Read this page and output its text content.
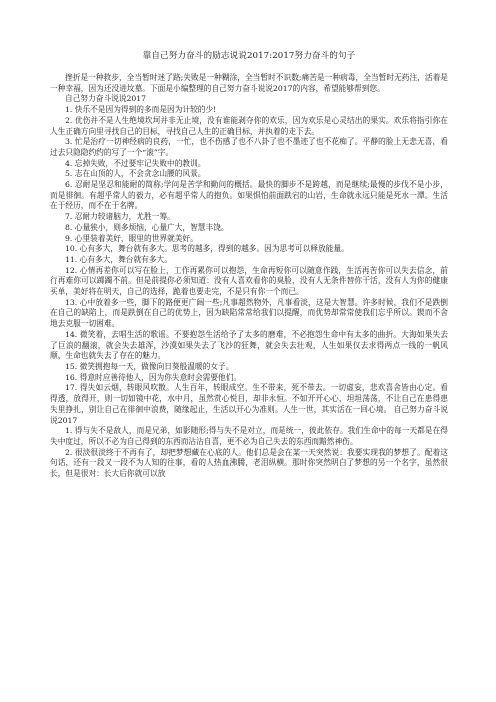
靠自己努力奋斗的励志说说2017:2017努力奋斗的句子

挫折是一种救步，全当暂时迷了路;失败是一种糊涂，全当暂时不识数;痛苦是一种病毒，全当暂时无药注，活着是一种幸福，因为还没进坟墓。下面是小编整理的自己努力奋斗说说2017的内容，希望能够帮到您。

自己努力奋斗说说2017

1. 快乐不是因为得到的多而是因为计较的少!

2. 优伤并不是人生绝境坎坷并非无止境，没有谁能剥夺你的欢乐，因为欢乐是心灵结出的果实。欢乐将指引你在人生正确方向里寻找自己的目标，寻找自己人生的正确目标，并执着的走下去。

3. 忙是治疗一切神经病的良药，一忙，也不伤感了也不八卦了也不墨迹了也不花痴了。平静的脸上无悲无喜，看过去只隐隐约约的写了一个“滚”字。

4. 忘掉失败，不过要牢记失败中的教训。

5. 志在山顶的人，不会贪念山腰的风景。

6. 忍耐是坚忍和能耐的简称;学问是苦学和勤问的概括。最快的脚步不是跨越，而是继续;最慢的步伐不是小步，而是徘徊。有超乎常人的毅力，必有超乎常人的抱负。如果惧怕前面跌宕的山岩，生命就永远只能是死水一潭。生活在于经历，而不在于名牌。

7. 忍耐力较诸脑力，尤胜一筹。

8. 心量狭小，则多烦恼，心量广大，智慧丰饶。

9. 心里装着美好，眼里的世界就美好。

10. 心有多大，舞台就有多大。思考的越多，得到的越多。因为思考可以释放能量。

11. 心有多大，舞台就有多大。

12. 心情再差你可以写在脸上，工作再累你可以抱怨，生命再短你可以随意作践，生活再苦你可以失去信念，前行再难你可以踯躅不前。但是前提你必须知道：没有人喜欢看你的臭脸，没有人无条件替你干活，没有人为你的健康买单，美好将在明天，自己的选择，跪着也要走完，不是只有你一个而已。

13. 心中放着多一些，脚下的路便更广阔一些;凡事超然物外，凡事看淡，这是大智慧。许多时候，我们不是跌倒在自己的缺陷上，而是跌倒在自己的优势上，因为缺陷常常给我们以提醒，而优势却常常使我们忘乎所以。锲而不舍地去克服一切困难。

14. 微笑着，去唱生活的歌谣。不要抱怨生活给予了太多的磨难，不必抱怨生命中有太多的曲折。大海如果失去了巨浪的翻滚，就会失去雄浑，沙漠如果失去了飞沙的狂舞，就会失去壮观，人生如果仅去求得两点一线的一帆风顺，生命也就失去了存在的魅力。

15. 微笑拥抱每一天，做像向日葵般温暖的女子。

16. 得意时应善待他人，因为你失意时会需要他们。

17. 得失如云烟，转眼风吹散。人生百年，转眼成空。生不带来，死不带去。一切虚妄，悲欢喜舍皆由心定。看得透，放得开，则一切如镜中花，水中月，虽然赏心悦目，却非永恒。不如开开心心，坦坦荡荡，不让自己在患得患失里挣扎，别让自己在徘徊中浪费，随缘起止，生活以开心为准则。人生一世，其实活在一回心境。 自己努力奋斗说说2017

1. 得与失不是敌人，而是兄弟，如影随形;得与失不是对立，而是统一，彼此依存。我们生命中的每一天都是在得失中度过，所以不必为自己得到的东西而沾沾自喜，更不必为自己失去的东西而黯然神伤。

2. 很淡很淡终于不再有了，却把梦想藏在心底的人。他们总是会在某一天突然说：我要实现我的梦想了。配着这句话，还有一段又一段不为人知的往事，看的人热血沸腾，老泪纵横。那时你突然明白了梦想的另一个名字，虽然很长，但是很对：长大后你就可以放
